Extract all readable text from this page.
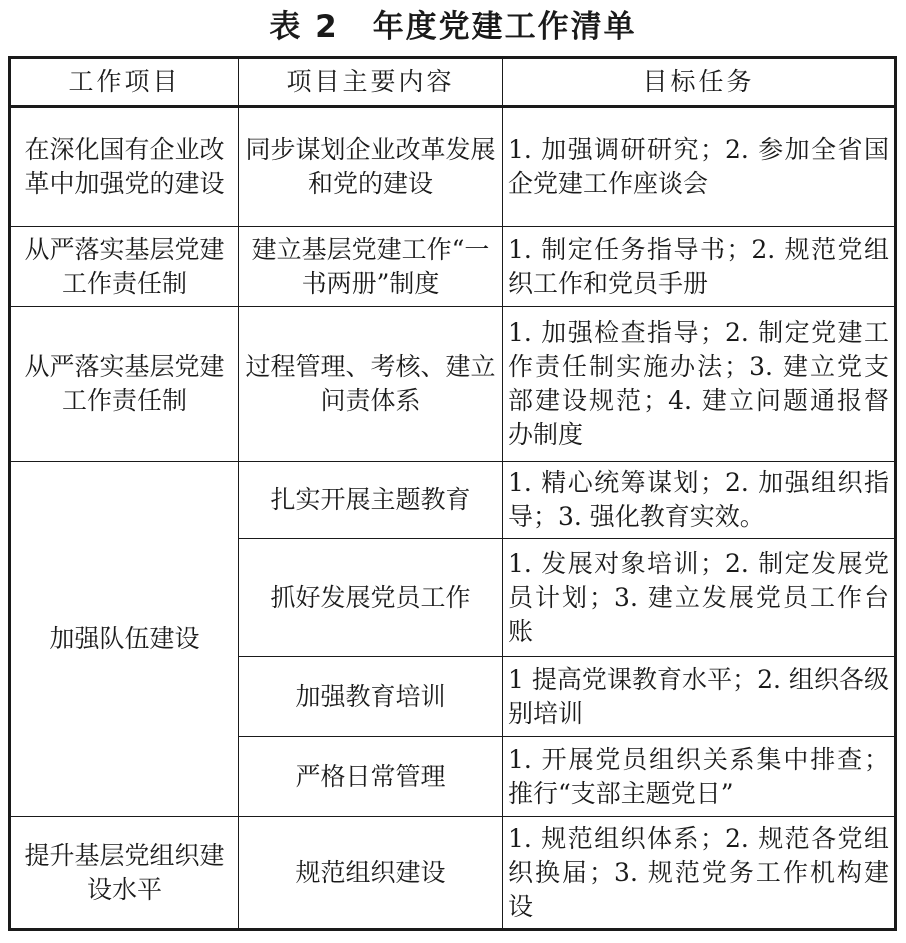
表 2 年度党建工作清单
工作项目	项目主要内容	目标任务
在深化国有企业改革中加强党的建设	同步谋划企业改革发展和党的建设	1. 加强调研研究；2. 参加全省国企党建工作座谈会
从严落实基层党建工作责任制	建立基层党建工作“一书两册”制度	1. 制定任务指导书；2. 规范党组织工作和党员手册
从严落实基层党建工作责任制	过程管理、考核、建立问责体系	1. 加强检查指导；2. 制定党建工作责任制实施办法；3. 建立党支部建设规范；4. 建立问题通报督办制度
加强队伍建设	扎实开展主题教育	1. 精心统筹谋划；2. 加强组织指导；3. 强化教育实效。
	抓好发展党员工作	1. 发展对象培训；2. 制定发展党员计划；3. 建立发展党员工作台账
	加强教育培训	1 提高党课教育水平；2. 组织各级别培训
	严格日常管理	1. 开展党员组织关系集中排查；推行“支部主题党日”
提升基层党组织建设水平	规范组织建设	1. 规范组织体系；2. 规范各党组织换届；3. 规范党务工作机构建设
